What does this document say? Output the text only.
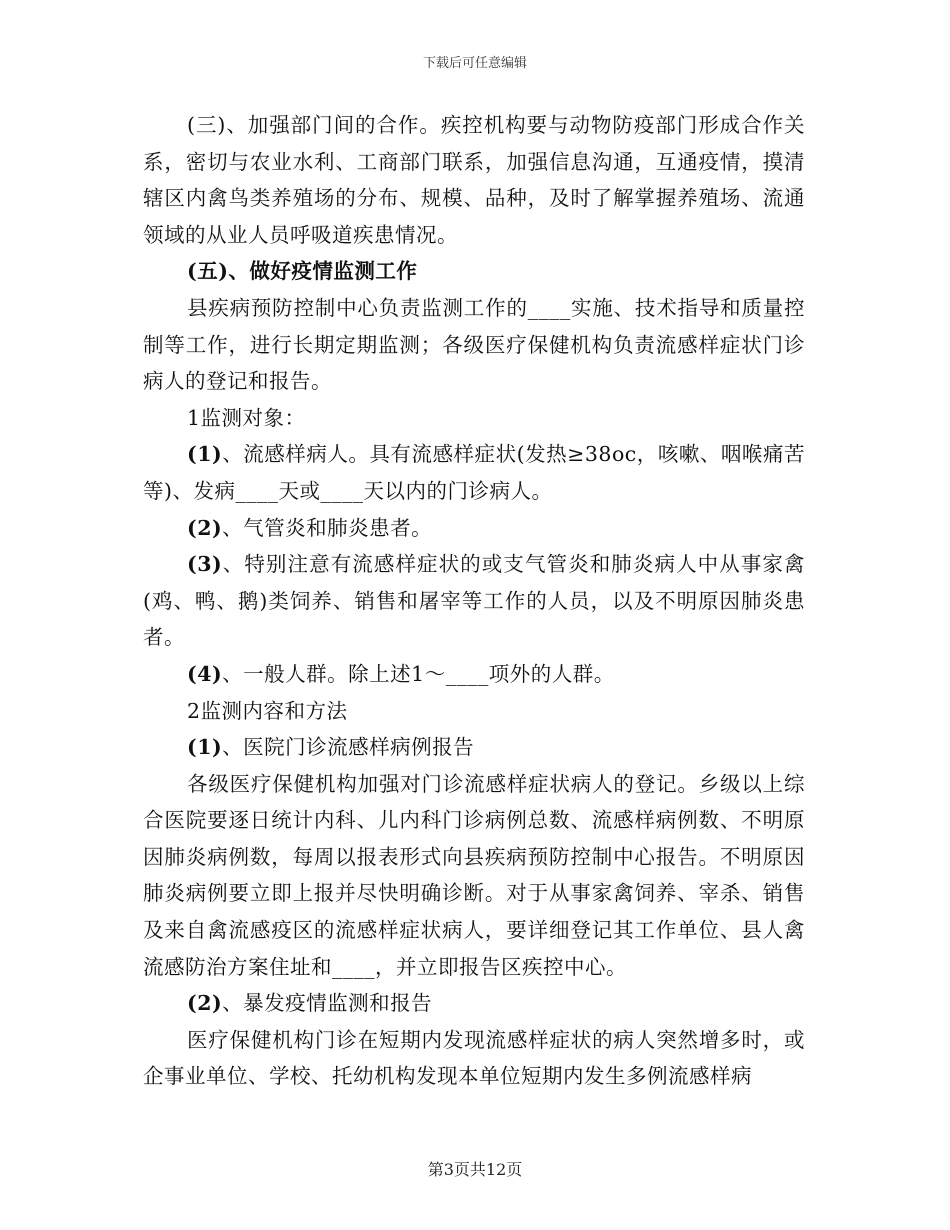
下载后可任意编辑

(三)、加强部门间的合作。疾控机构要与动物防疫部门形成合作关系，密切与农业水利、工商部门联系，加强信息沟通，互通疫情，摸清辖区内禽鸟类养殖场的分布、规模、品种，及时了解掌握养殖场、流通领域的从业人员呼吸道疾患情况。

(五)、做好疫情监测工作

县疾病预防控制中心负责监测工作的____实施、技术指导和质量控制等工作，进行长期定期监测；各级医疗保健机构负责流感样症状门诊病人的登记和报告。

1监测对象：

(1)、流感样病人。具有流感样症状(发热≥38oc，咳嗽、咽喉痛苦等)、发病____天或____天以内的门诊病人。

(2)、气管炎和肺炎患者。

(3)、特别注意有流感样症状的或支气管炎和肺炎病人中从事家禽(鸡、鸭、鹅)类饲养、销售和屠宰等工作的人员，以及不明原因肺炎患者。

(4)、一般人群。除上述1～____项外的人群。

2监测内容和方法

(1)、医院门诊流感样病例报告

各级医疗保健机构加强对门诊流感样症状病人的登记。乡级以上综合医院要逐日统计内科、儿内科门诊病例总数、流感样病例数、不明原因肺炎病例数，每周以报表形式向县疾病预防控制中心报告。不明原因肺炎病例要立即上报并尽快明确诊断。对于从事家禽饲养、宰杀、销售及来自禽流感疫区的流感样症状病人，要详细登记其工作单位、县人禽流感防治方案住址和____，并立即报告区疾控中心。

(2)、暴发疫情监测和报告

医疗保健机构门诊在短期内发现流感样症状的病人突然增多时，或企事业单位、学校、托幼机构发现本单位短期内发生多例流感样病

第3页共12页
